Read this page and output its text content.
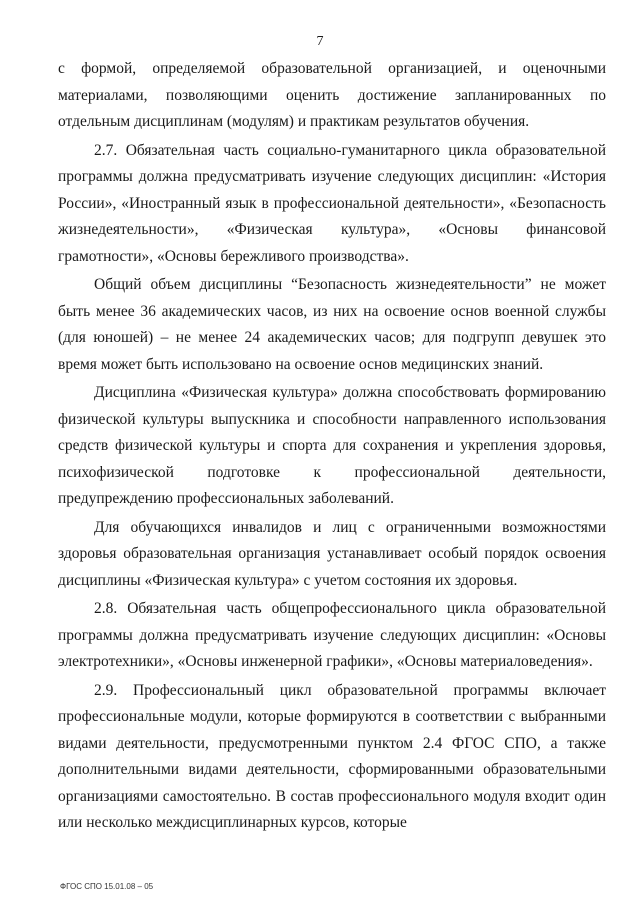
7

с формой, определяемой образовательной организацией, и оценочными материалами, позволяющими оценить достижение запланированных по отдельным дисциплинам (модулям) и практикам результатов обучения.

2.7. Обязательная часть социально-гуманитарного цикла образовательной программы должна предусматривать изучение следующих дисциплин: «История России», «Иностранный язык в профессиональной деятельности», «Безопасность жизнедеятельности», «Физическая культура», «Основы финансовой грамотности», «Основы бережливого производства».

Общий объем дисциплины “Безопасность жизнедеятельности” не может быть менее 36 академических часов, из них на освоение основ военной службы (для юношей) – не менее 24 академических часов; для подгрупп девушек это время может быть использовано на освоение основ медицинских знаний.

Дисциплина «Физическая культура» должна способствовать формированию физической культуры выпускника и способности направленного использования средств физической культуры и спорта для сохранения и укрепления здоровья, психофизической подготовке к профессиональной деятельности, предупреждению профессиональных заболеваний.

Для обучающихся инвалидов и лиц с ограниченными возможностями здоровья образовательная организация устанавливает особый порядок освоения дисциплины «Физическая культура» с учетом состояния их здоровья.

2.8. Обязательная часть общепрофессионального цикла образовательной программы должна предусматривать изучение следующих дисциплин: «Основы электротехники», «Основы инженерной графики», «Основы материаловедения».

2.9. Профессиональный цикл образовательной программы включает профессиональные модули, которые формируются в соответствии с выбранными видами деятельности, предусмотренными пунктом 2.4 ФГОС СПО, а также дополнительными видами деятельности, сформированными образовательными организациями самостоятельно. В состав профессионального модуля входит один или несколько междисциплинарных курсов, которые

ФГОС СПО 15.01.08 – 05
